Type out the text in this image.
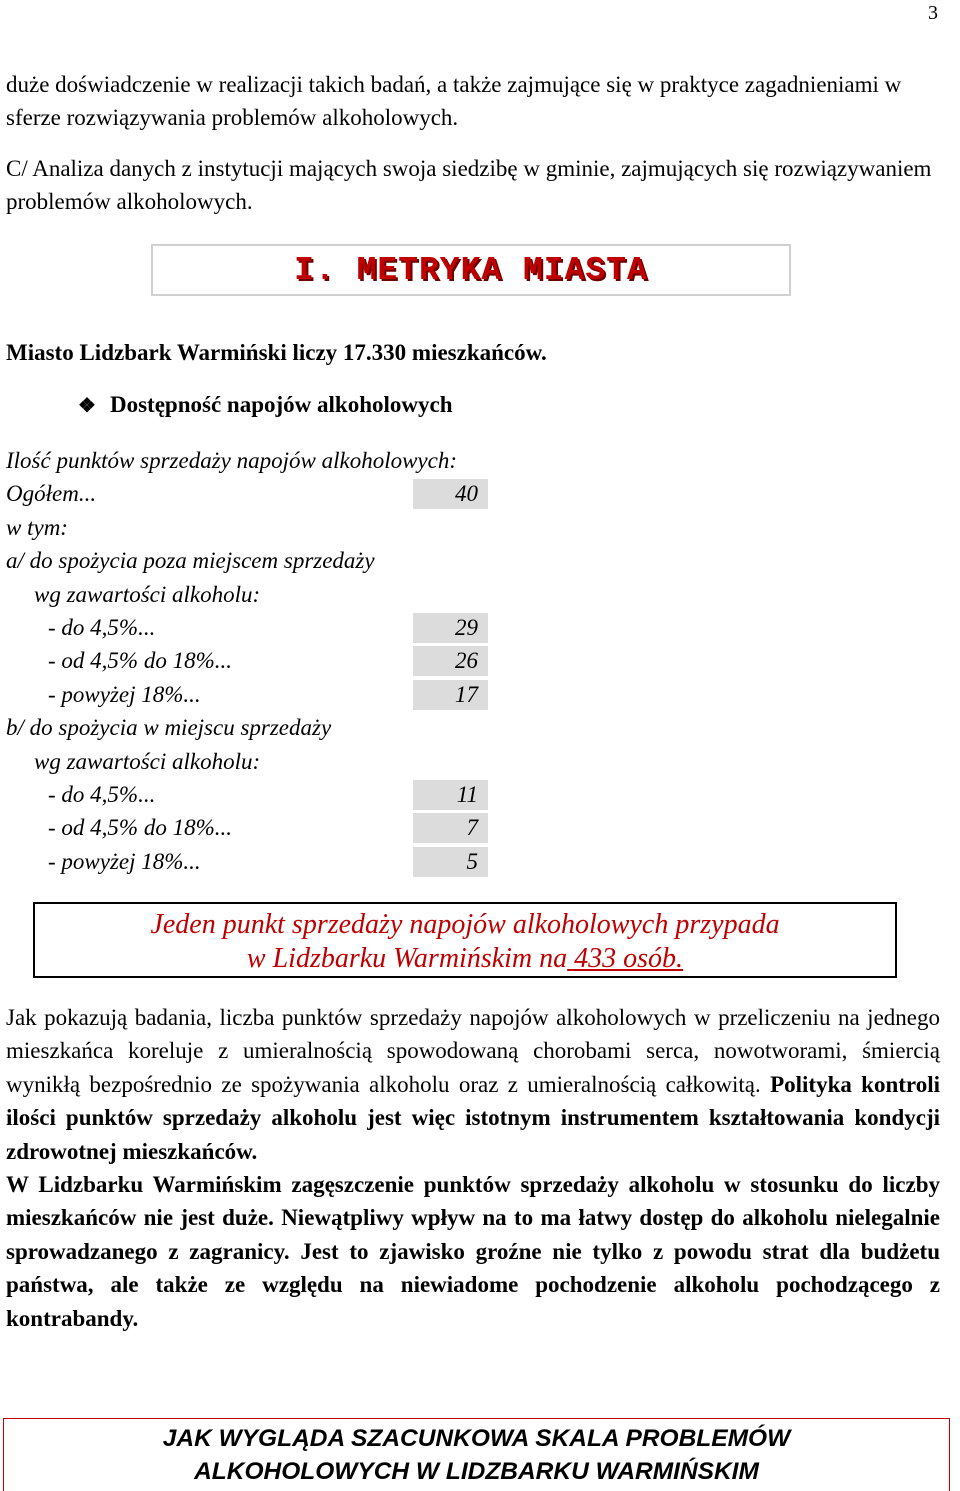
3

duże doświadczenie w realizacji takich badań, a także zajmujące się w praktyce zagadnieniami w sferze rozwiązywania problemów alkoholowych.

C/ Analiza danych z instytucji mających swoja siedzibę w gminie, zajmujących się rozwiązywaniem problemów alkoholowych.

I. METRYKA MIASTA
Miasto Lidzbark Warmiński liczy 17.330 mieszkańców.
❖ Dostępność napojów alkoholowych
Ilość punktów sprzedaży napojów alkoholowych:
Ogółem...	40
w tym:
a/ do spożycia poza miejscem sprzedaży
wg zawartości alkoholu:
- do 4,5%...	29
- od 4,5% do 18%...	26
- powyżej 18%...	17
b/ do spożycia w miejscu sprzedaży
wg zawartości alkoholu:
- do 4,5%...	11
- od 4,5% do 18%...	7
- powyżej 18%...	5
Jeden punkt sprzedaży napojów alkoholowych przypada
w Lidzbarku Warmińskim na 433 osób.

Jak pokazują badania, liczba punktów sprzedaży napojów alkoholowych w przeliczeniu na jednego mieszkańca koreluje z umieralnością spowodowaną chorobami serca, nowotworami, śmiercią wynikłą bezpośrednio ze spożywania alkoholu oraz z umieralnością całkowitą. Polityka kontroli ilości punktów sprzedaży alkoholu jest więc istotnym instrumentem kształtowania kondycji zdrowotnej mieszkańców.
W Lidzbarku Warmińskim zagęszczenie punktów sprzedaży alkoholu w stosunku do liczby mieszkańców nie jest duże. Niewątpliwy wpływ na to ma łatwy dostęp do alkoholu nielegalnie sprowadzanego z zagranicy. Jest to zjawisko groźne nie tylko z powodu strat dla budżetu państwa, ale także ze względu na niewiadome pochodzenie alkoholu pochodzącego z kontrabandy.

JAK WYGLĄDA SZACUNKOWA SKALA PROBLEMÓW
ALKOHOLOWYCH W LIDZBARKU WARMIŃSKIM
